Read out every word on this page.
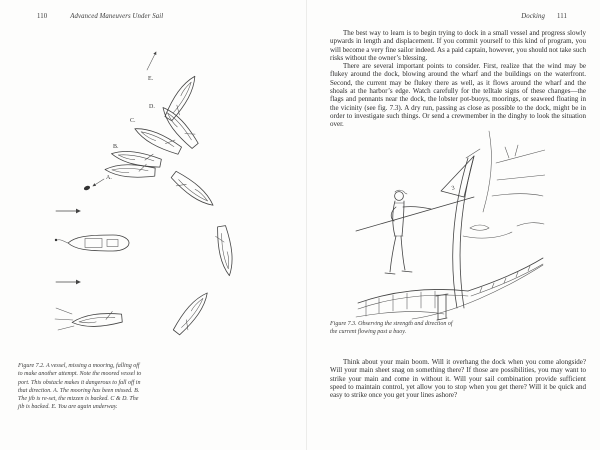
110	Advanced Maneuvers Under Sail	Docking 111
A.
B.
C.
D.
E.
Figure 7.2. A vessel, missing a mooring, falling off to make another attempt. Note the moored vessel to port. This obstacle makes it dangerous to fall off in that direction. A. The mooring has been missed. B. The jib is re-set, the mizzen is backed. C & D. The jib is backed. E. You are again underway.

The best way to learn is to begin trying to dock in a small vessel and progress slowly upwards in length and displacement. If you commit yourself to this kind of program, you will become a very fine sailor indeed. As a paid captain, however, you should not take such risks without the owner’s blessing.

There are several important points to consider. First, realize that the wind may be flukey around the dock, blowing around the wharf and the buildings on the waterfront. Second, the current may be flukey there as well, as it flows around the wharf and the shoals at the harbor’s edge. Watch carefully for the telltale signs of these changes—the flags and pennants near the dock, the lobster pot-buoys, moorings, or seaweed floating in the vicinity (see fig. 7.3). A dry run, passing as close as possible to the dock, might be in order to investigate such things. Or send a crewmember in the dinghy to look the situation over.

3
Figure 7.3. Observing the strength and direction of the current flowing past a buoy.

Think about your main boom. Will it overhang the dock when you come alongside? Will your main sheet snag on something there? If those are possibilities, you may want to strike your main and come in without it. Will your sail combination provide sufficient speed to maintain control, yet allow you to stop when you get there? Will it be quick and easy to strike once you get your lines ashore?
